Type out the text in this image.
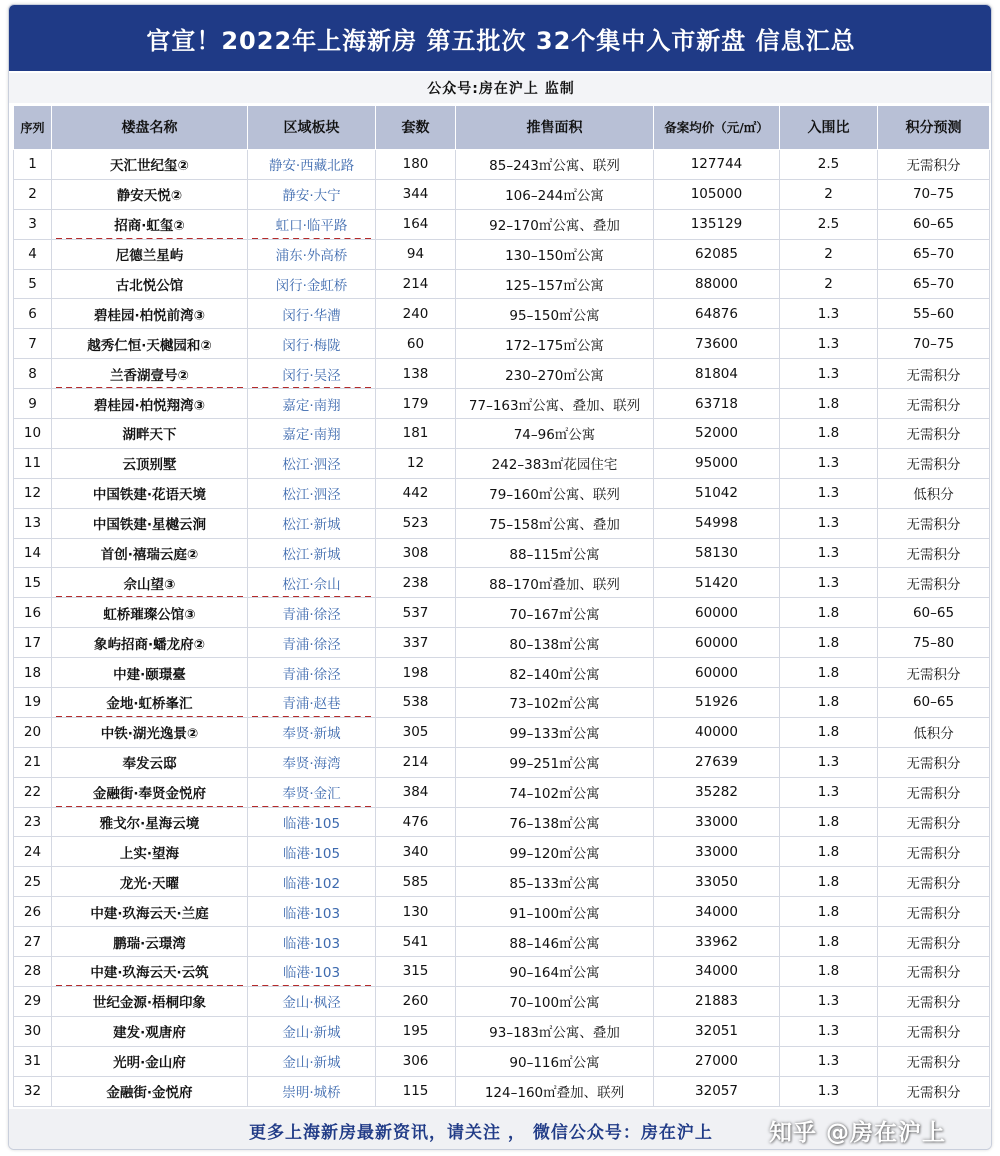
官宣！2022年上海新房 第五批次 32个集中入市新盘 信息汇总
公众号:房在沪上 监制
序列	楼盘名称	区域板块	套数	推售面积	备案均价（元/㎡）	入围比	积分预测
1	天汇世纪玺②	静安·西藏北路	180	85–243㎡公寓、联列	127744	2.5	无需积分
2	静安天悦②	静安·大宁	344	106–244㎡公寓	105000	2	70–75
3	招商·虹玺②	虹口·临平路	164	92–170㎡公寓、叠加	135129	2.5	60–65
4	尼德兰星屿	浦东·外高桥	94	130–150㎡公寓	62085	2	65–70
5	古北悦公馆	闵行·金虹桥	214	125–157㎡公寓	88000	2	65–70
6	碧桂园·柏悦前湾③	闵行·华漕	240	95–150㎡公寓	64876	1.3	55–60
7	越秀仁恒·天樾园和②	闵行·梅陇	60	172–175㎡公寓	73600	1.3	70–75
8	兰香湖壹号②	闵行·吴泾	138	230–270㎡公寓	81804	1.3	无需积分
9	碧桂园·柏悦翔湾③	嘉定·南翔	179	77–163㎡公寓、叠加、联列	63718	1.8	无需积分
10	湖畔天下	嘉定·南翔	181	74–96㎡公寓	52000	1.8	无需积分
11	云顶别墅	松江·泗泾	12	242–383㎡花园住宅	95000	1.3	无需积分
12	中国铁建·花语天境	松江·泗泾	442	79–160㎡公寓、联列	51042	1.3	低积分
13	中国铁建·星樾云涧	松江·新城	523	75–158㎡公寓、叠加	54998	1.3	无需积分
14	首创·禧瑞云庭②	松江·新城	308	88–115㎡公寓	58130	1.3	无需积分
15	佘山望③	松江·佘山	238	88–170㎡叠加、联列	51420	1.3	无需积分
16	虹桥璀璨公馆③	青浦·徐泾	537	70–167㎡公寓	60000	1.8	60–65
17	象屿招商·蟠龙府②	青浦·徐泾	337	80–138㎡公寓	60000	1.8	75–80
18	中建·颐璟臺	青浦·徐泾	198	82–140㎡公寓	60000	1.8	无需积分
19	金地·虹桥峯汇	青浦·赵巷	538	73–102㎡公寓	51926	1.8	60–65
20	中铁·湖光逸景②	奉贤·新城	305	99–133㎡公寓	40000	1.8	低积分
21	奉发云邸	奉贤·海湾	214	99–251㎡公寓	27639	1.3	无需积分
22	金融街·奉贤金悦府	奉贤·金汇	384	74–102㎡公寓	35282	1.3	无需积分
23	雅戈尔·星海云境	临港·105	476	76–138㎡公寓	33000	1.8	无需积分
24	上实·望海	临港·105	340	99–120㎡公寓	33000	1.8	无需积分
25	龙光·天曜	临港·102	585	85–133㎡公寓	33050	1.8	无需积分
26	中建·玖海云天·兰庭	临港·103	130	91–100㎡公寓	34000	1.8	无需积分
27	鹏瑞·云璟湾	临港·103	541	88–146㎡公寓	33962	1.8	无需积分
28	中建·玖海云天·云筑	临港·103	315	90–164㎡公寓	34000	1.8	无需积分
29	世纪金源·梧桐印象	金山·枫泾	260	70–100㎡公寓	21883	1.3	无需积分
30	建发·观唐府	金山·新城	195	93–183㎡公寓、叠加	32051	1.3	无需积分
31	光明·金山府	金山·新城	306	90–116㎡公寓	27000	1.3	无需积分
32	金融街·金悦府	崇明·城桥	115	124–160㎡叠加、联列	32057	1.3	无需积分
更多上海新房最新资讯，请关注 ， 微信公众号：房在沪上 知乎 @房在沪上
